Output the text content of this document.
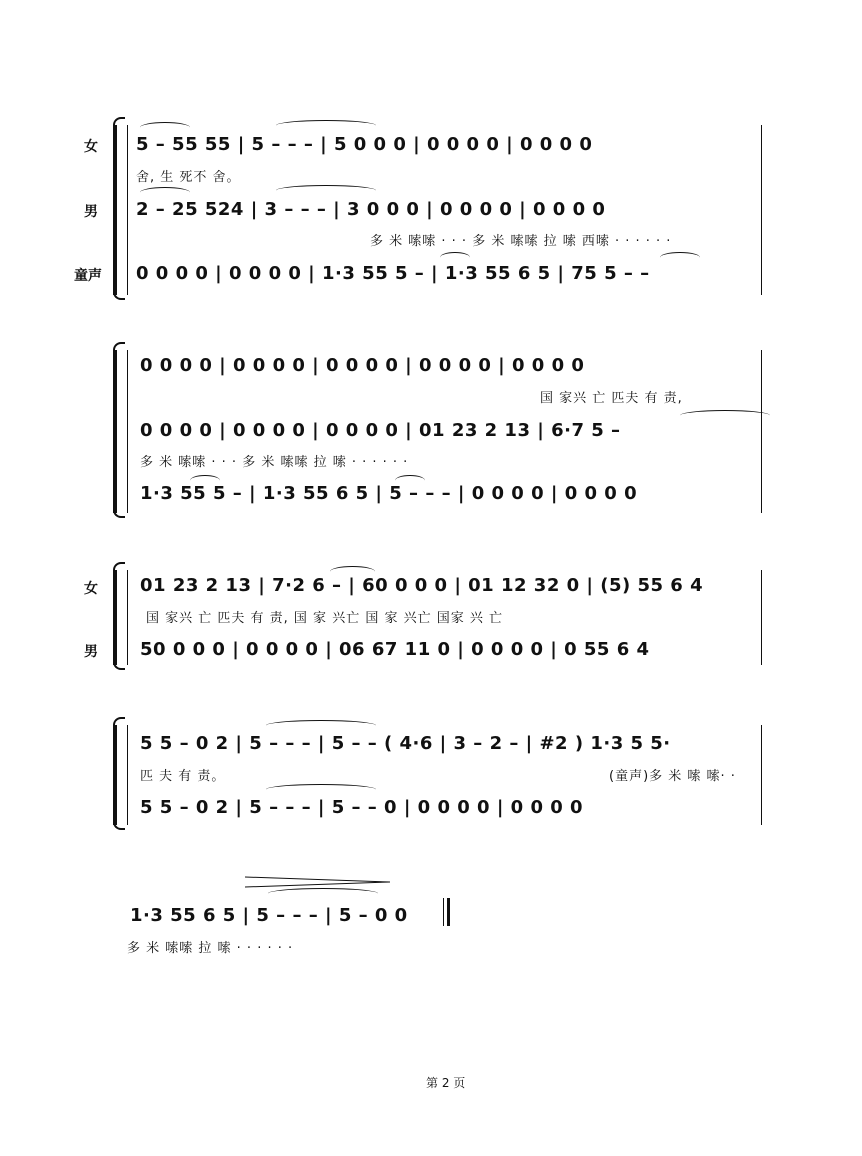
女
男
童声
5 – 55 55 | 5 – – – | 5 0 0 0 | 0 0 0 0 | 0 0 0 0
舍, 生 死不 舍。
2 – 25 524 | 3 – – – | 3 0 0 0 | 0 0 0 0 | 0 0 0 0
多 米 嗦嗦 · · · 多 米 嗦嗦 拉 嗦 西嗦 · · · · · ·
0 0 0 0 | 0 0 0 0 | 1·3 55 5 – | 1·3 55 6 5 | 75 5 – –
0 0 0 0 | 0 0 0 0 | 0 0 0 0 | 0 0 0 0 | 0 0 0 0
国 家兴 亡 匹夫 有 责,
0 0 0 0 | 0 0 0 0 | 0 0 0 0 | 01 23 2 13 | 6·7 5 –
多 米 嗦嗦 · · · 多 米 嗦嗦 拉 嗦 · · · · · ·
1·3 55 5 – | 1·3 55 6 5 | 5 – – – | 0 0 0 0 | 0 0 0 0
女
男
01 23 2 13 | 7·2 6 – | 60 0 0 0 | 01 12 32 0 | (5) 55 6 4
国 家兴 亡 匹夫 有 责, 国 家 兴亡 国 家 兴亡 国家 兴 亡
50 0 0 0 | 0 0 0 0 | 06 67 11 0 | 0 0 0 0 | 0 55 6 4
5 5 – 0 2 | 5 – – – | 5 – – ( 4·6 | 3 – 2 – | #2 ) 1·3 5 5·
匹 夫 有 责。	(童声)多 米 嗦 嗦· ·
5 5 – 0 2 | 5 – – – | 5 – – 0 | 0 0 0 0 | 0 0 0 0
1·3 55 6 5 | 5 – – – | 5 – 0 0
多 米 嗦嗦 拉 嗦 · · · · · ·
第 2 页
